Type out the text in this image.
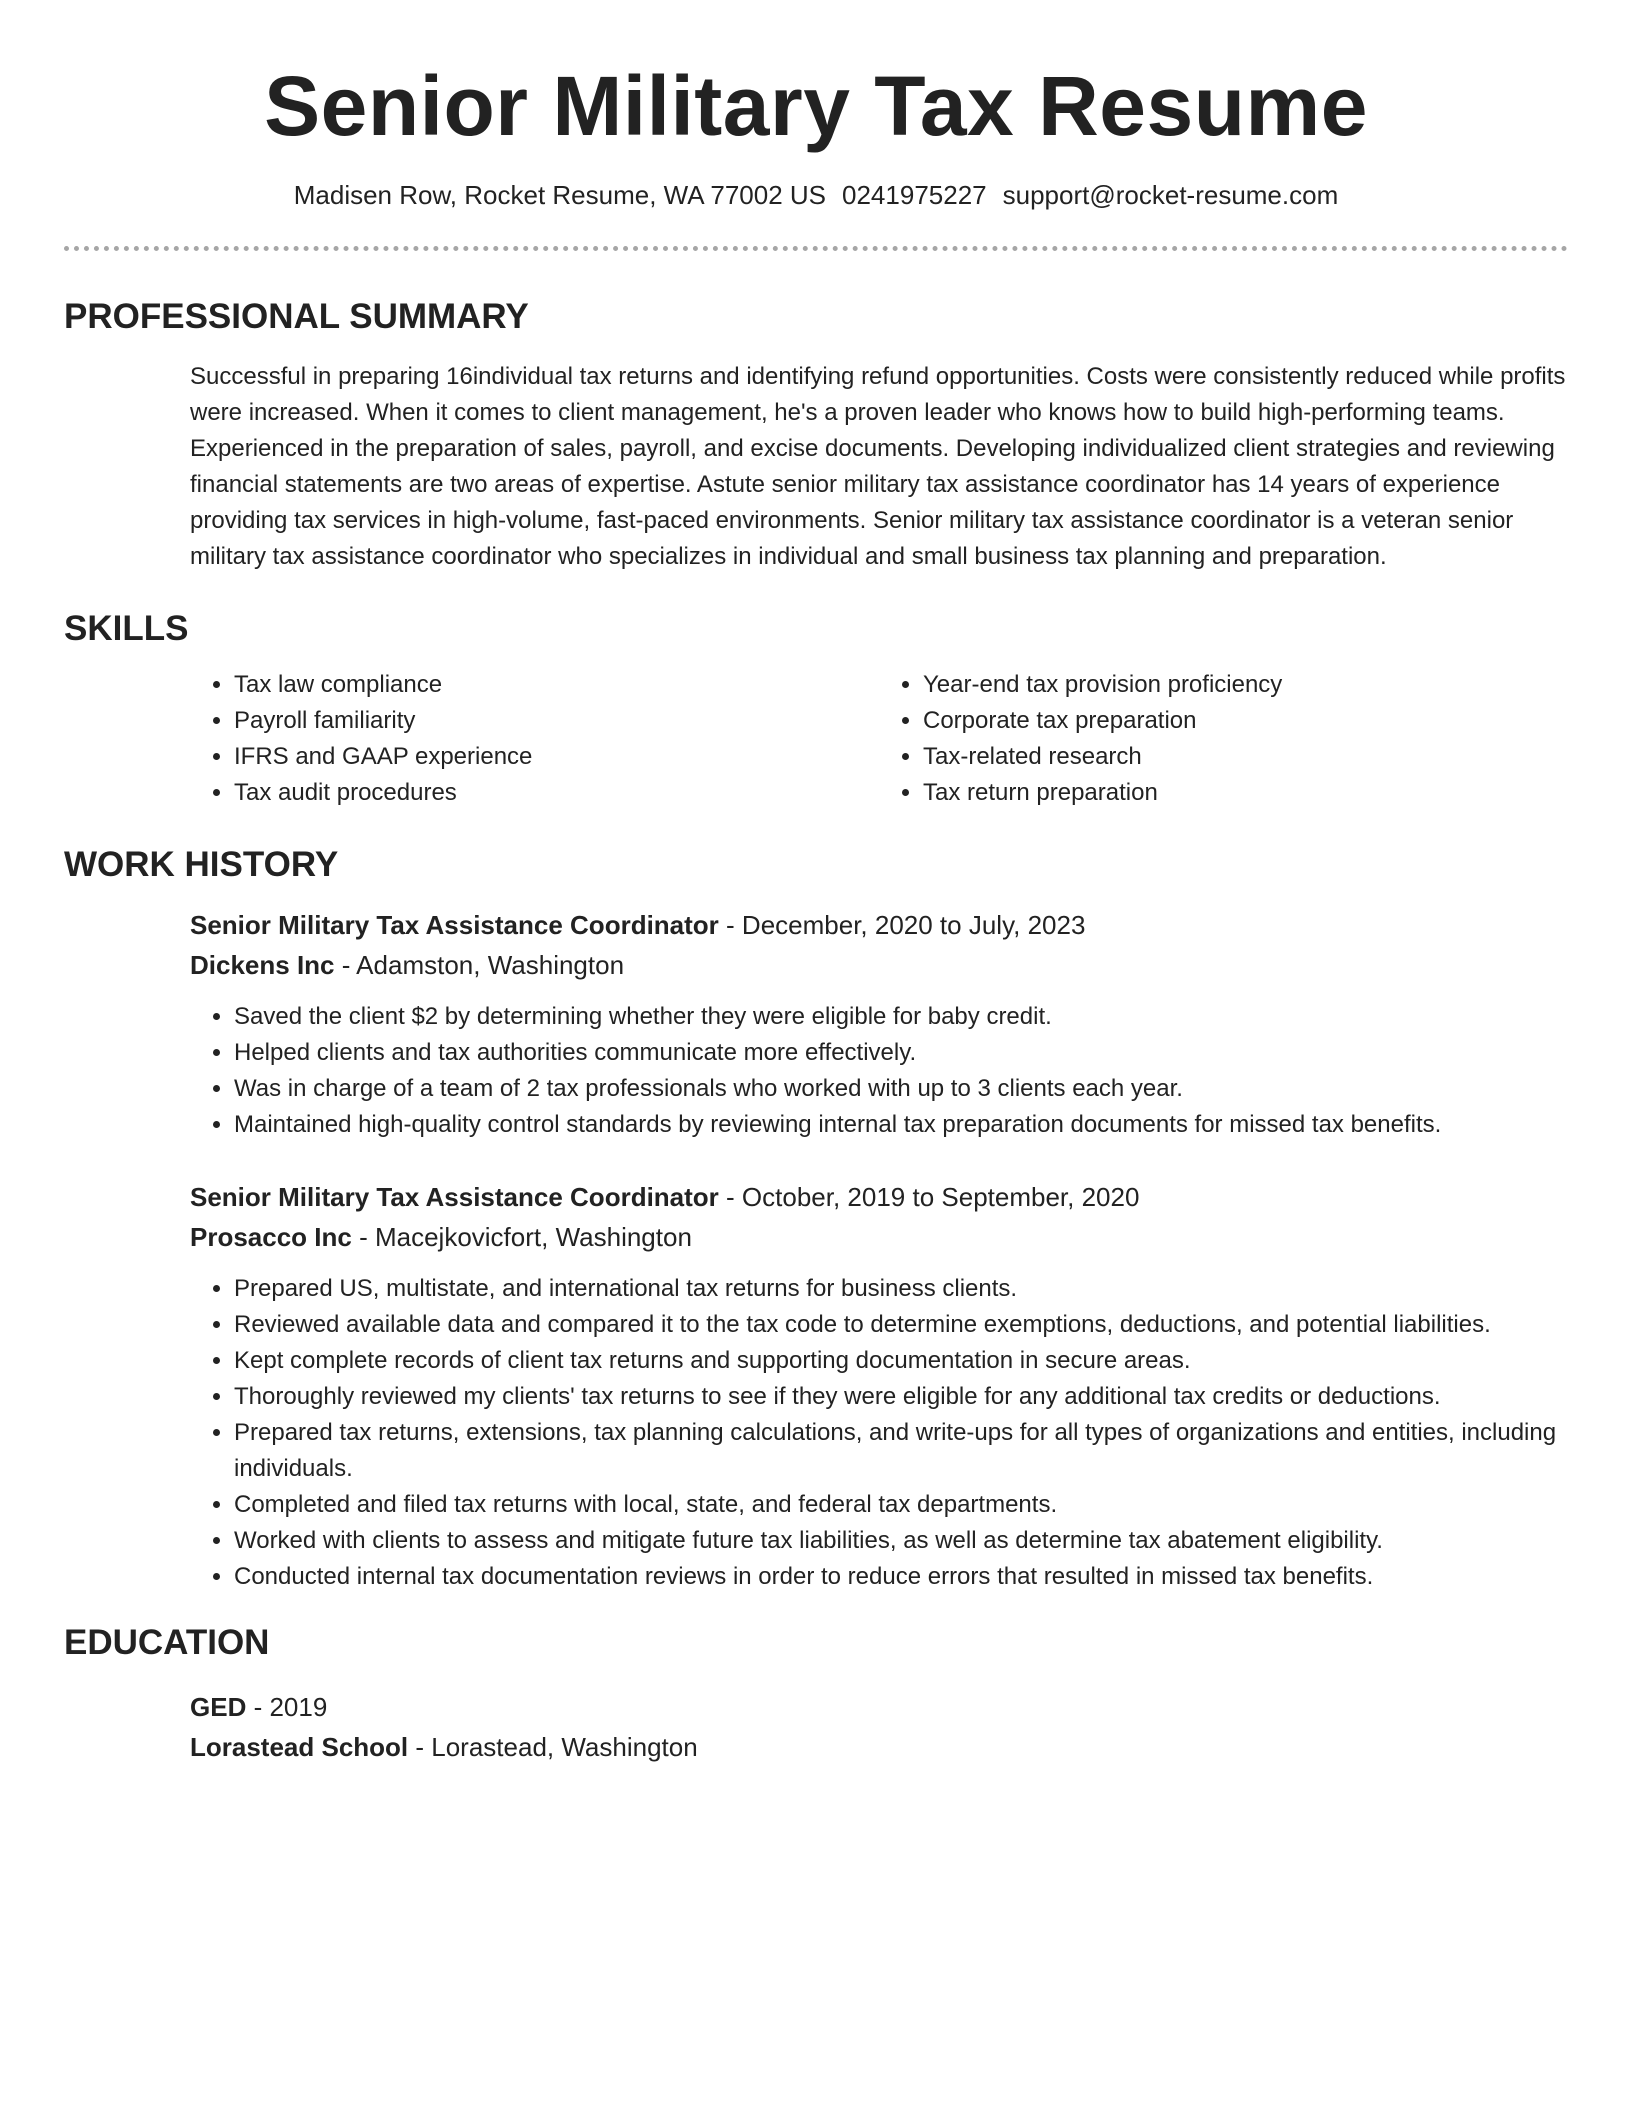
Senior Military Tax Resume
Madisen Row, Rocket Resume, WA 77002 US 0241975227 support@rocket-resume.com
PROFESSIONAL SUMMARY

Successful in preparing 16individual tax returns and identifying refund opportunities. Costs were consistently reduced while profits were increased. When it comes to client management, he's a proven leader who knows how to build high-performing teams. Experienced in the preparation of sales, payroll, and excise documents. Developing individualized client strategies and reviewing financial statements are two areas of expertise. Astute senior military tax assistance coordinator has 14 years of experience providing tax services in high-volume, fast-paced environments. Senior military tax assistance coordinator is a veteran senior military tax assistance coordinator who specializes in individual and small business tax planning and preparation.

SKILLS
• Tax law compliance
• Payroll familiarity
• IFRS and GAAP experience
• Tax audit procedures
• Year-end tax provision proficiency
• Corporate tax preparation
• Tax-related research
• Tax return preparation
WORK HISTORY
Senior Military Tax Assistance Coordinator - December, 2020 to July, 2023
Dickens Inc - Adamston, Washington
• Saved the client $2 by determining whether they were eligible for baby credit.
• Helped clients and tax authorities communicate more effectively.
• Was in charge of a team of 2 tax professionals who worked with up to 3 clients each year.
• Maintained high-quality control standards by reviewing internal tax preparation documents for missed tax benefits.
Senior Military Tax Assistance Coordinator - October, 2019 to September, 2020
Prosacco Inc - Macejkovicfort, Washington
• Prepared US, multistate, and international tax returns for business clients.
• Reviewed available data and compared it to the tax code to determine exemptions, deductions, and potential liabilities.
• Kept complete records of client tax returns and supporting documentation in secure areas.
• Thoroughly reviewed my clients' tax returns to see if they were eligible for any additional tax credits or deductions.
• Prepared tax returns, extensions, tax planning calculations, and write-ups for all types of organizations and entities, including individuals.
• Completed and filed tax returns with local, state, and federal tax departments.
• Worked with clients to assess and mitigate future tax liabilities, as well as determine tax abatement eligibility.
• Conducted internal tax documentation reviews in order to reduce errors that resulted in missed tax benefits.
EDUCATION
GED - 2019
Lorastead School - Lorastead, Washington
